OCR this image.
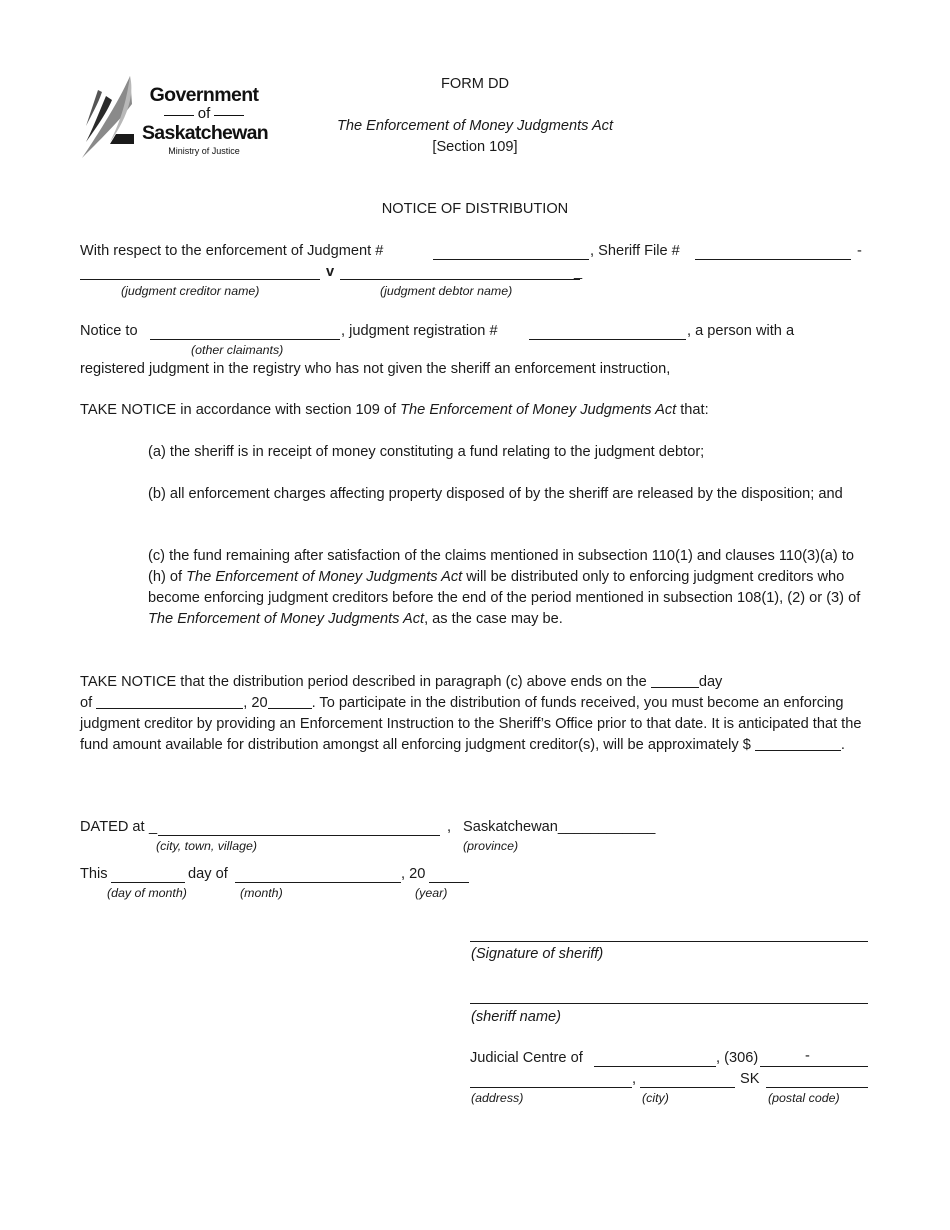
Government
of
Saskatchewan
Ministry of Justice
FORM DD
The Enforcement of Money Judgments Act
[Section 109]
NOTICE OF DISTRIBUTION
With respect to the enforcement of Judgment #	, Sheriff File #	-
v	_
(judgment creditor name)	(judgment debtor name)
Notice to	, judgment registration #	, a person with a
(other claimants)
registered judgment in the registry who has not given the sheriff an enforcement instruction,
TAKE NOTICE in accordance with section 109 of The Enforcement of Money Judgments Act that:

(a) the sheriff is in receipt of money constituting a fund relating to the judgment debtor;

(b) all enforcement charges affecting property disposed of by the sheriff are released by the disposition; and

(c) the fund remaining after satisfaction of the claims mentioned in subsection 110(1) and clauses 110(3)(a) to (h) of The Enforcement of Money Judgments Act will be distributed only to enforcing judgment creditors who become enforcing judgment creditors before the end of the period mentioned in subsection 108(1), (2) or (3) of The Enforcement of Money Judgments Act, as the case may be.

TAKE NOTICE that the distribution period described in paragraph (c) above ends on the	day
of	, 20	. To participate in the distribution of funds received, you must become an enforcing judgment creditor by providing an Enforcement Instruction to the Sheriff’s Office prior to that date. It is anticipated that the fund amount available for distribution amongst all enforcing judgment creditor(s), will be approximately $	.

DATED at _	, Saskatchewan____________
(city, town, village)	(province)
This	day of	, 20
(day of month)	(month)	(year)
(Signature of sheriff)
(sheriff name)
Judicial Centre of	, (306)	-
,	SK
(address)	(city)	(postal code)
